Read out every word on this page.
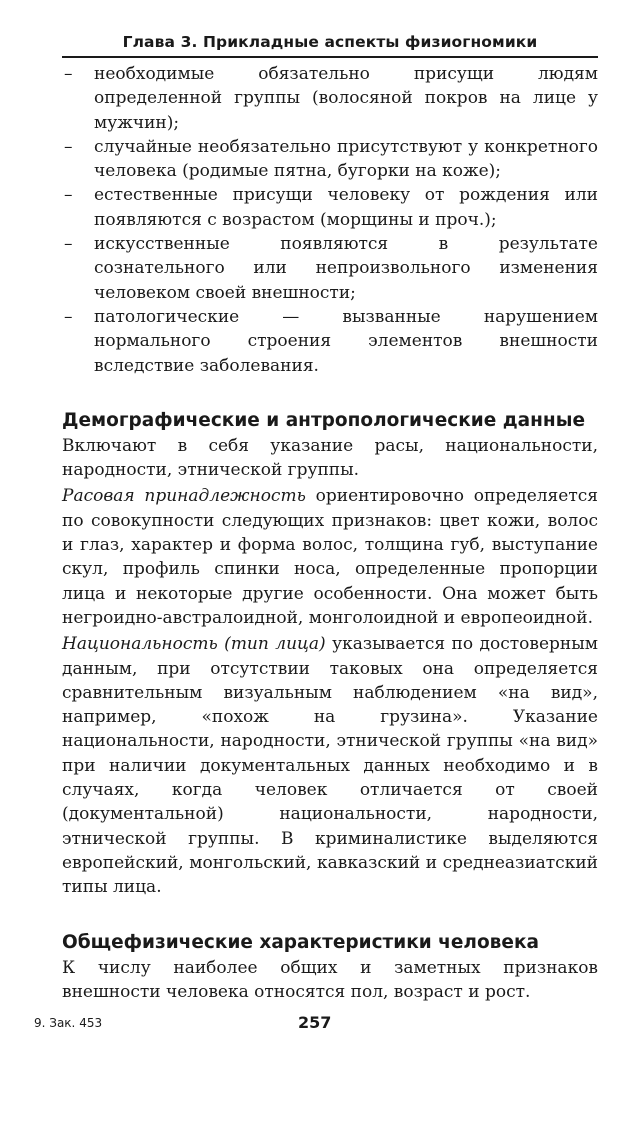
Глава 3. Прикладные аспекты физиогномики
– необходимые обязательно присущи людям определенной группы (волосяной покров на лице у мужчин);
– случайные необязательно присутствуют у конкретного человека (родимые пятна, бугорки на коже);
– естественные присущи человеку от рождения или появляются с возрастом (морщины и проч.);
– искусственные появляются в результате сознательного или непроизвольного изменения человеком своей внешности;
– патологические — вызванные нарушением нормального строения элементов внешности вследствие заболевания.
Демографические и антропологические данные

Включают в себя указание расы, национальности, народности, этнической группы.

Расовая принадлежность ориентировочно определяется по совокупности следующих признаков: цвет кожи, волос и глаз, характер и форма волос, толщина губ, выступание скул, профиль спинки носа, определенные пропорции лица и некоторые другие особенности. Она может быть негроидно-австралоидной, монголоидной и европеоидной.

Национальность (тип лица) указывается по достоверным данным, при отсутствии таковых она определяется сравнительным визуальным наблюдением «на вид», например, «похож на грузина». Указание национальности, народности, этнической группы «на вид» при наличии документальных данных необходимо и в случаях, когда человек отличается от своей (документальной) национальности, народности, этнической группы. В криминалистике выделяются европейский, монгольский, кавказский и среднеазиатский типы лица.

Общефизические характеристики человека

К числу наиболее общих и заметных признаков внешности человека относятся пол, возраст и рост.

9. Зак. 453	257
